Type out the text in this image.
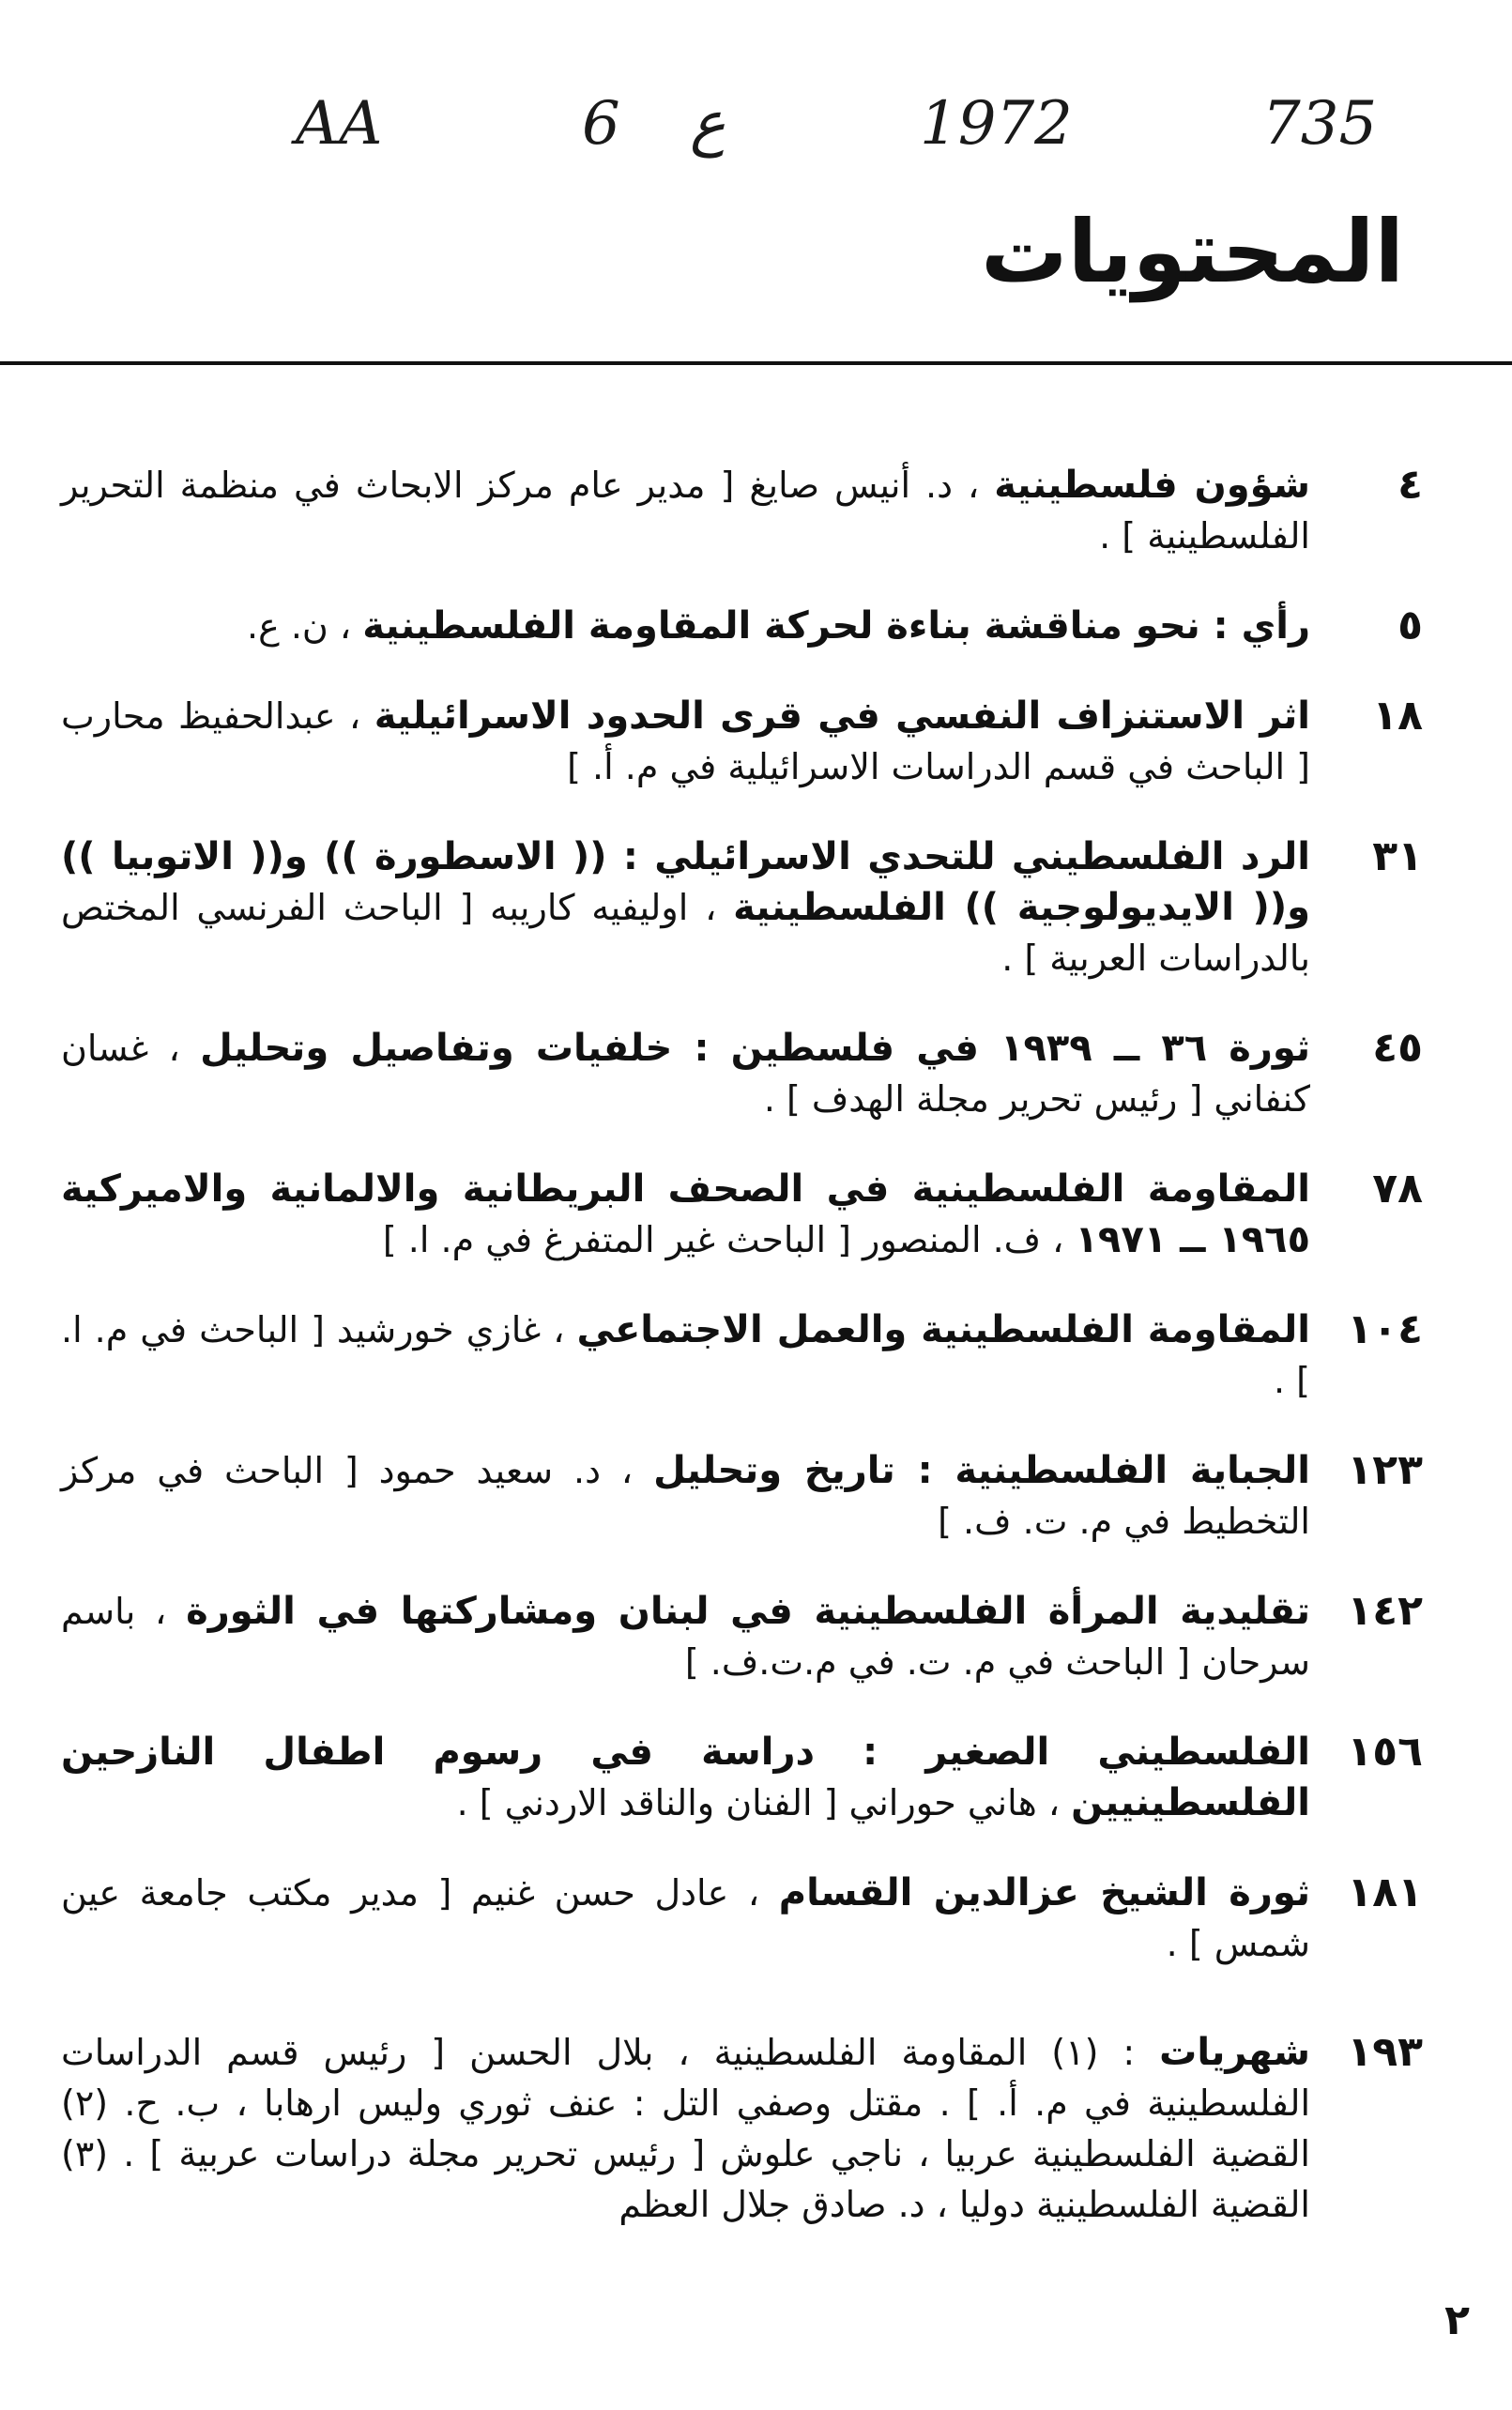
AA	6 ع	1972	735
المحتويات
٤
شؤون فلسطينية ، د. أنيس صايغ [ مدير عام مركز الابحاث في منظمة التحرير الفلسطينية ] .
٥
رأي : نحو مناقشة بناءة لحركة المقاومة الفلسطينية ، ن. ع.
١٨
اثر الاستنزاف النفسي في قرى الحدود الاسرائيلية ، عبدالحفيظ محارب [ الباحث في قسم الدراسات الاسرائيلية في م. أ. ]
٣١
الرد الفلسطيني للتحدي الاسرائيلي : (( الاسطورة )) و(( الاتوبيا )) و(( الايديولوجية )) الفلسطينية ، اوليفيه كاريبه [ الباحث الفرنسي المختص بالدراسات العربية ] .
٤٥
ثورة ٣٦ ــ ١٩٣٩ في فلسطين : خلفيات وتفاصيل وتحليل ، غسان كنفاني [ رئيس تحرير مجلة الهدف ] .
٧٨
المقاومة الفلسطينية في الصحف البريطانية والالمانية والاميركية ١٩٦٥ ــ ١٩٧١ ، ف. المنصور [ الباحث غير المتفرغ في م. ا. ]
١٠٤
المقاومة الفلسطينية والعمل الاجتماعي ، غازي خورشيد [ الباحث في م. ا. ] .
١٢٣
الجباية الفلسطينية : تاريخ وتحليل ، د. سعيد حمود [ الباحث في مركز التخطيط في م. ت. ف. ]
١٤٢
تقليدية المرأة الفلسطينية في لبنان ومشاركتها في الثورة ، باسم سرحان [ الباحث في م. ت. في م.ت.ف. ]
١٥٦
الفلسطيني الصغير : دراسة في رسوم اطفال النازحين الفلسطينيين ، هاني حوراني [ الفنان والناقد الاردني ] .
١٨١
ثورة الشيخ عزالدين القسام ، عادل حسن غنيم [ مدير مكتب جامعة عين شمس ] .
١٩٣
شهريات : (١) المقاومة الفلسطينية ، بلال الحسن [ رئيس قسم الدراسات الفلسطينية في م. أ. ] . مقتل وصفي التل : عنف ثوري وليس ارهابا ، ب. ح. (٢) القضية الفلسطينية عربيا ، ناجي علوش [ رئيس تحرير مجلة دراسات عربية ] . (٣) القضية الفلسطينية دوليا ، د. صادق جلال العظم
٢
